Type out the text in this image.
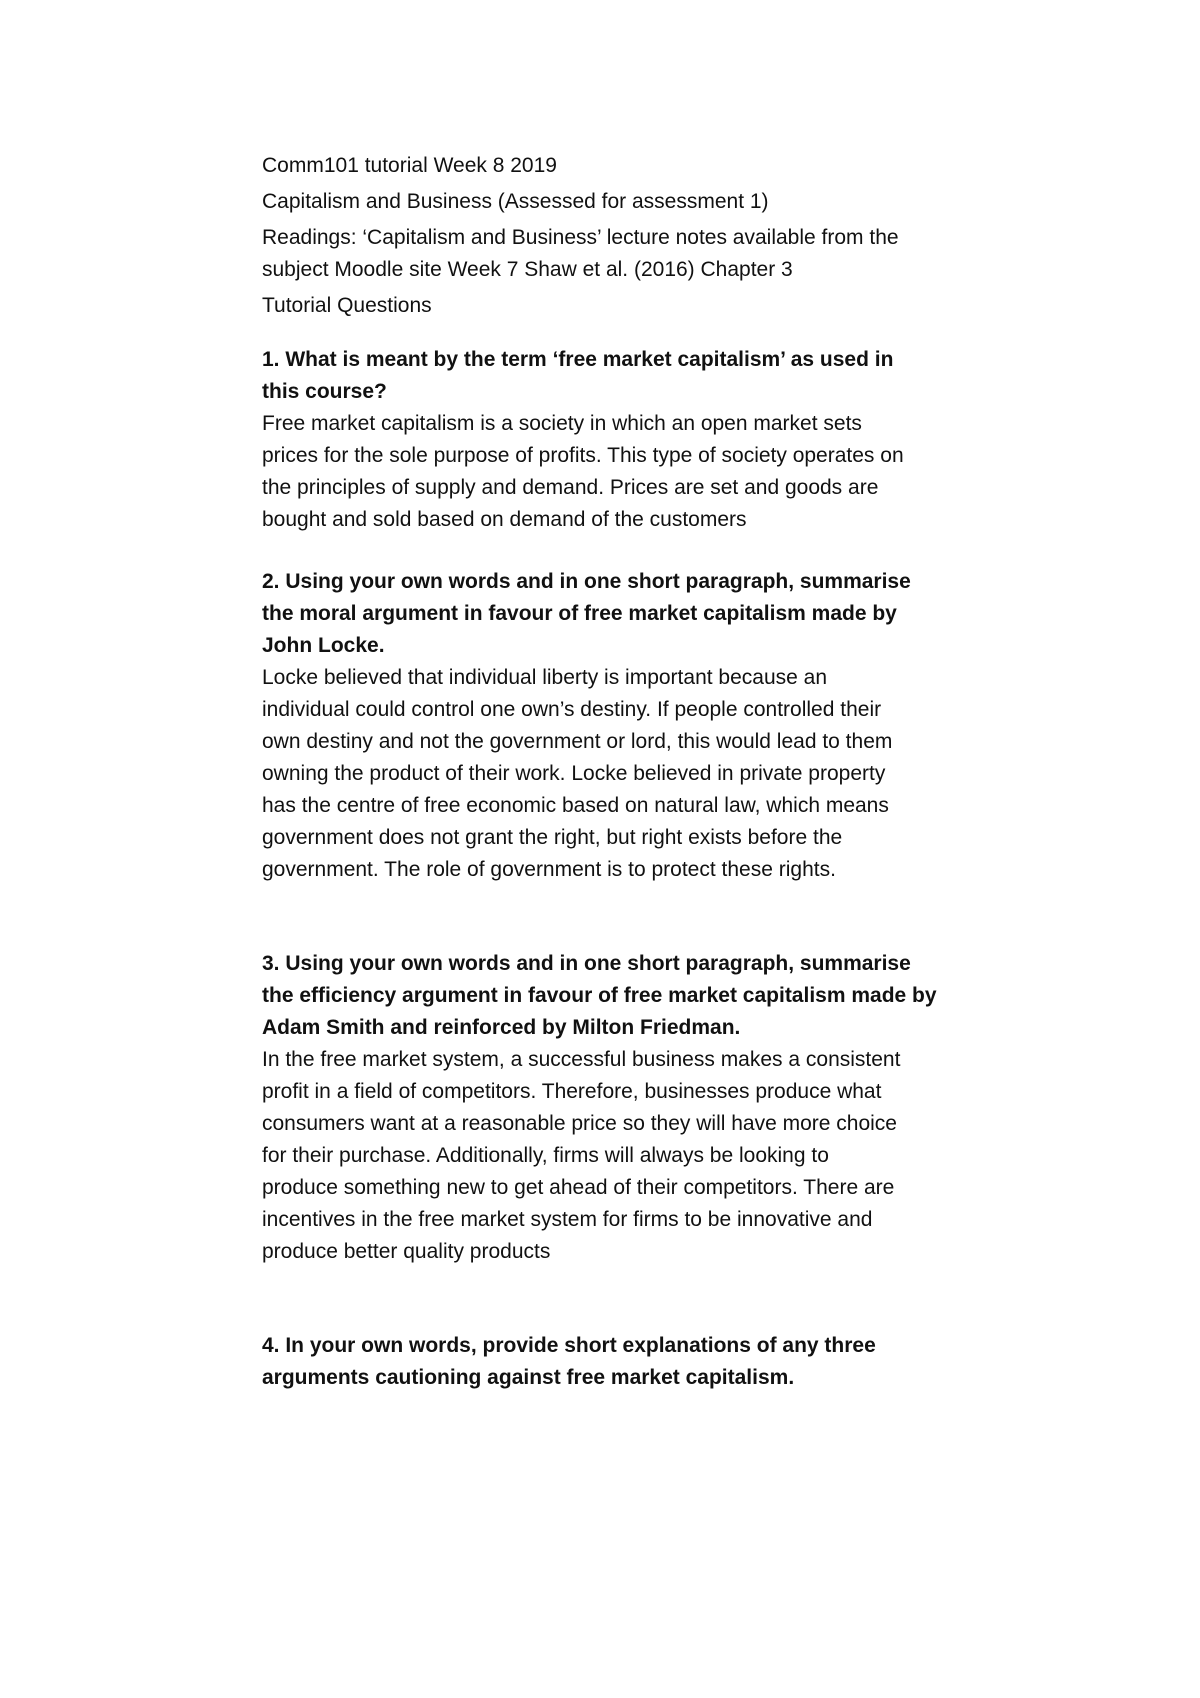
Comm101 tutorial Week 8 2019

Capitalism and Business (Assessed for assessment 1)

Readings: ‘Capitalism and Business’ lecture notes available from the
subject Moodle site Week 7 Shaw et al. (2016) Chapter 3

Tutorial Questions

1. What is meant by the term ‘free market capitalism’ as used in
this course?

Free market capitalism is a society in which an open market sets
prices for the sole purpose of profits. This type of society operates on
the principles of supply and demand. Prices are set and goods are
bought and sold based on demand of the customers

2. Using your own words and in one short paragraph, summarise
the moral argument in favour of free market capitalism made by
John Locke.

Locke believed that individual liberty is important because an
individual could control one own’s destiny. If people controlled their
own destiny and not the government or lord, this would lead to them
owning the product of their work. Locke believed in private property
has the centre of free economic based on natural law, which means
government does not grant the right, but right exists before the
government. The role of government is to protect these rights.

3. Using your own words and in one short paragraph, summarise
the efficiency argument in favour of free market capitalism made by
Adam Smith and reinforced by Milton Friedman.

In the free market system, a successful business makes a consistent
profit in a field of competitors. Therefore, businesses produce what
consumers want at a reasonable price so they will have more choice
for their purchase. Additionally, firms will always be looking to
produce something new to get ahead of their competitors. There are
incentives in the free market system for firms to be innovative and
produce better quality products

4. In your own words, provide short explanations of any three
arguments cautioning against free market capitalism.
